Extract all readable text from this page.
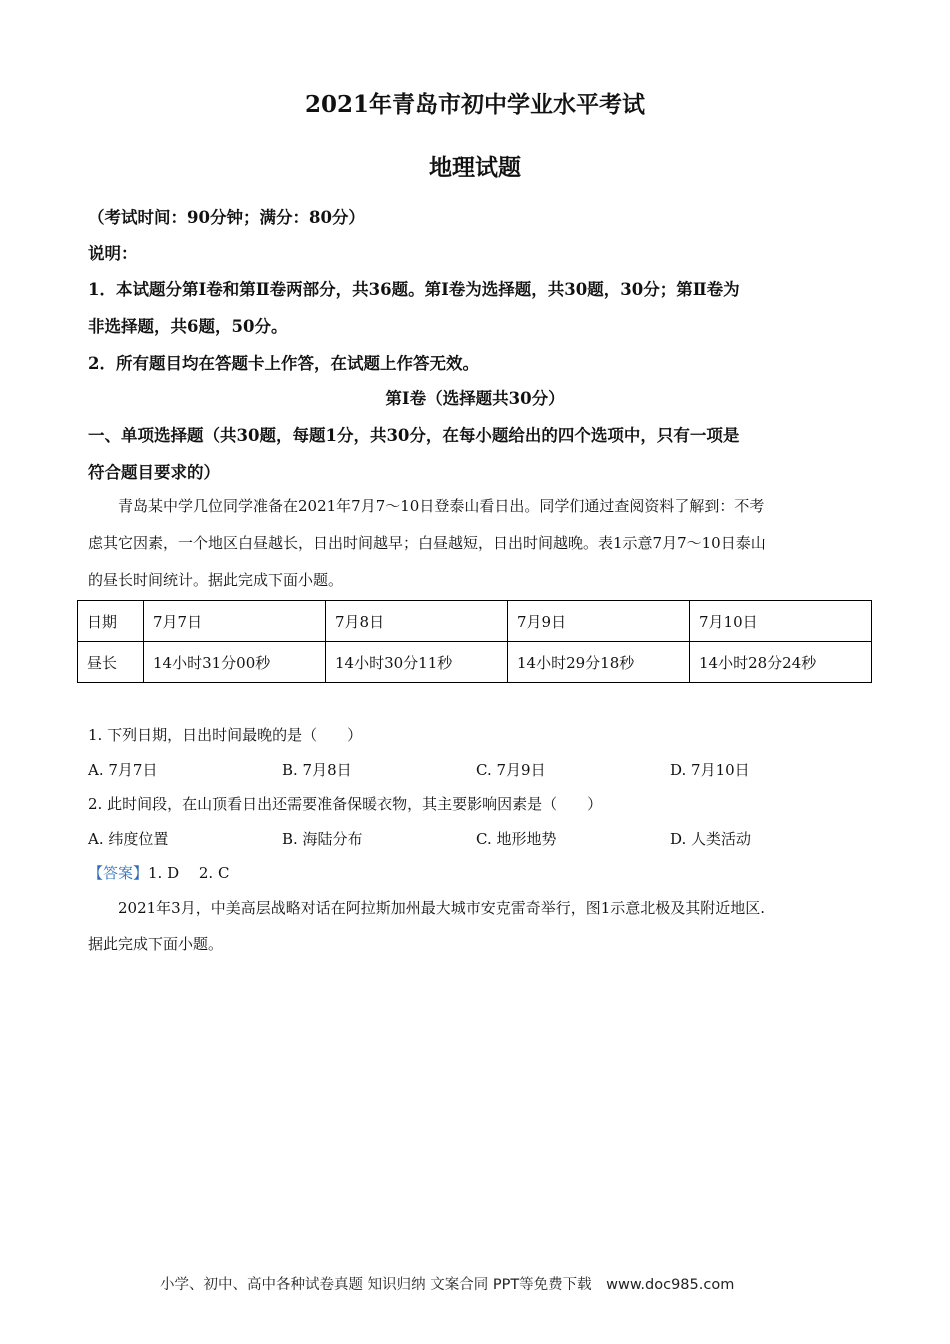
2021年青岛市初中学业水平考试
地理试题
（考试时间：90分钟；满分：80分）
说明：
1．本试题分第Ⅰ卷和第Ⅱ卷两部分，共36题。第Ⅰ卷为选择题，共30题，30分；第Ⅱ卷为
非选择题，共6题，50分。
2．所有题目均在答题卡上作答，在试题上作答无效。
第Ⅰ卷（选择题共30分）
一、单项选择题（共30题，每题1分，共30分，在每小题给出的四个选项中，只有一项是
符合题目要求的）
青岛某中学几位同学准备在2021年7月7～10日登泰山看日出。同学们通过查阅资料了解到：不考
虑其它因素，一个地区白昼越长，日出时间越早；白昼越短，日出时间越晚。表1示意7月7～10日泰山
的昼长时间统计。据此完成下面小题。
日期	7月7日	7月8日	7月9日	7月10日
昼长	14小时31分00秒	14小时30分11秒	14小时29分18秒	14小时28分24秒
1. 下列日期，日出时间最晚的是（　　）
A. 7月7日	B. 7月8日	C. 7月9日	D. 7月10日
2. 此时间段，在山顶看日出还需要准备保暖衣物，其主要影响因素是（　　）
A. 纬度位置	B. 海陆分布	C. 地形地势	D. 人类活动
【答案】1. D　 2. C
2021年3月，中美高层战略对话在阿拉斯加州最大城市安克雷奇举行，图1示意北极及其附近地区.
据此完成下面小题。
小学、初中、高中各种试卷真题 知识归纳 文案合同 PPT等免费下载　www.doc985.com
